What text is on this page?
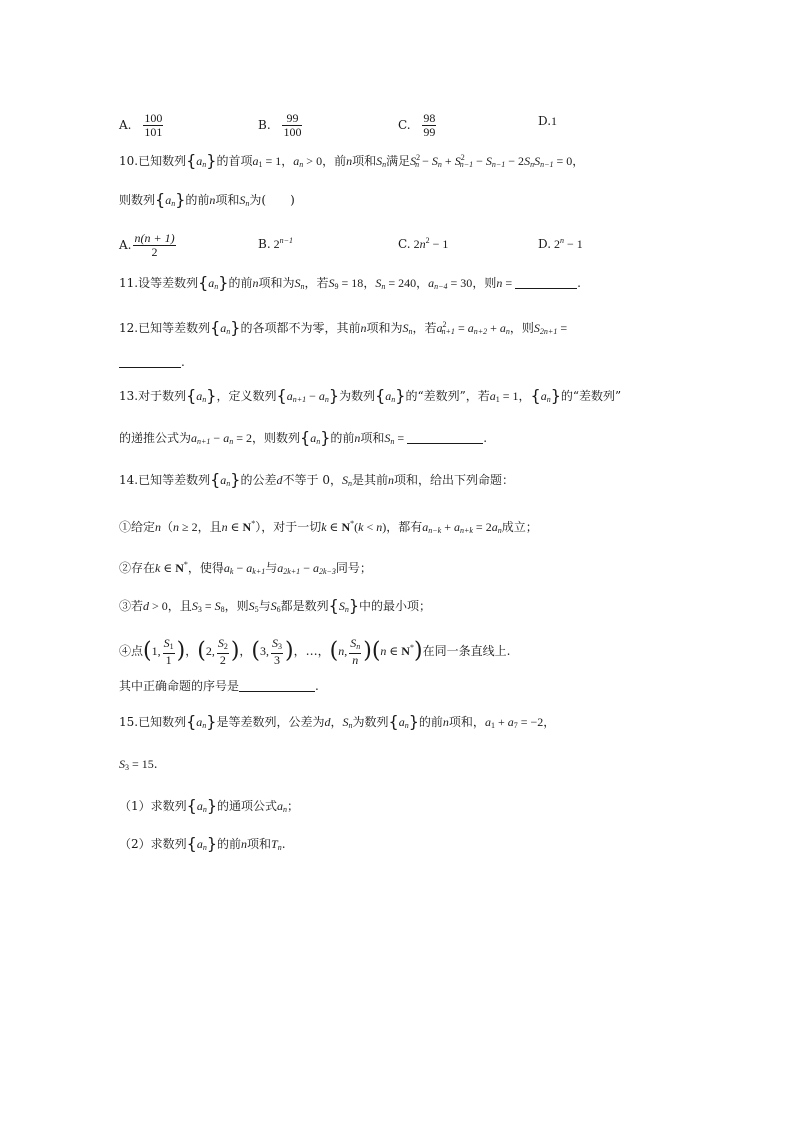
A. $\frac{100}{101}$	B. $\frac{99}{100}$	C. $\frac{98}{99}$	D.1
10.已知数列$\{a_n\}$的首项$a_1 = 1$，$a_n > 0$，前n项和$S_n$满足$S^2_n - S_n + S^2_{n-1} - S_{n-1} - 2S_nS_{n-1} = 0$，
则数列$\{a_n\}$的前n项和$S_n$为(　　)
A. $\frac{n(n + 1)}{2}$	B. $2^{n-1}$	C. $2n^2 - 1$	D. $2^n - 1$
11.设等差数列$\{a_n\}$的前n项和为$S_n$，若$S_9 = 18$，$S_n = 240$，$a_{n-4} = 30$，则n =	.
12.已知等差数列$\{a_n\}$的各项都不为零，其前n项和为$S_n$，若$a^2_{n+1} = a_{n+2} + a_n$，则$S_{2n+1}$ =
.
13.对于数列$\{a_n\}$，定义数列$\{a_{n+1} - a_n\}$为数列$\{a_n\}$的“差数列”，若$a_1 = 1$，$\{a_n\}$的“差数列”
的递推公式为$a_{n+1} - a_n = 2$，则数列$\{a_n\}$的前n项和$S_n$ =	.
14.已知等差数列$\{a_n\}$的公差d不等于 0，$S_n$是其前n项和，给出下列命题：
①给定n（n ≥ 2，且n ∈ N*），对于一切k ∈ N*(k < n)，都有$a_{n-k} + a_{n+k} = 2a_n$成立；
②存在k ∈ N*，使得$a_k - a_{k+1}$与$a_{2k+1} - a_{2k-3}$同号；
③若d > 0，且$S_3 = S_8$，则$S_5$与$S_6$都是数列$\{S_n\}$中的最小项；
④点(1, $\frac{S_1}{1}$ )，(2, $\frac{S_2}{2}$ )，(3, $\frac{S_3}{3}$ )，…，(n, $\frac{S_n}{n} )(n$ ∈ N*)在同一条直线上.
其中正确命题的序号是	.
15.已知数列$\{a_n\}$是等差数列，公差为d，$S_n$为数列$\{a_n\}$的前n项和，$a_1 + a_7 = -2$，
$S_3 = 15$.
（1）求数列$\{a_n\}$的通项公式$a_n$；
（2）求数列$\{a_n\}$的前n项和$T_n$.
